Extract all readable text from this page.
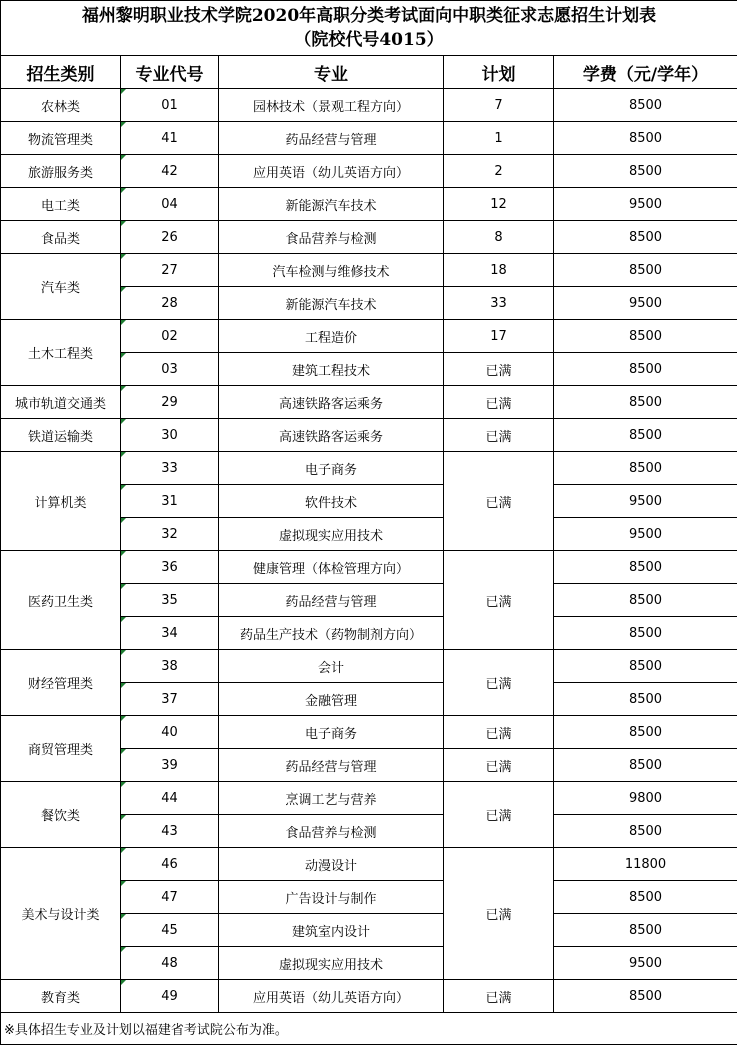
福州黎明职业技术学院2020年高职分类考试面向中职类征求志愿招生计划表
（院校代号4015）				

招生类别	专业代号	专业	计划	学费（元/学年）
农林类	01	园林技术（景观工程方向）	7	8500
物流管理类	41	药品经营与管理	1	8500
旅游服务类	42	应用英语（幼儿英语方向）	2	8500
电工类	04	新能源汽车技术	12	9500
食品类	26	食品营养与检测	8	8500
汽车类	27	汽车检测与维修技术	18	8500
	28	新能源汽车技术	33	9500
土木工程类	02	工程造价	17	8500
	03	建筑工程技术	已满	8500
城市轨道交通类	29	高速铁路客运乘务	已满	8500
铁道运输类	30	高速铁路客运乘务	已满	8500
计算机类	33	电子商务	已满	8500
	31	软件技术		9500
	32	虚拟现实应用技术		9500
医药卫生类	36	健康管理（体检管理方向）	已满	8500
	35	药品经营与管理		8500
	34	药品生产技术（药物制剂方向）		8500
财经管理类	38	会计	已满	8500
	37	金融管理		8500
商贸管理类	40	电子商务	已满	8500
	39	药品经营与管理	已满	8500
餐饮类	44	烹调工艺与营养	已满	9800
	43	食品营养与检测		8500
美术与设计类	46	动漫设计	已满	11800
	47	广告设计与制作		8500
	45	建筑室内设计		8500
	48	虚拟现实应用技术		9500
教育类	49	应用英语（幼儿英语方向）	已满	8500
※具体招生专业及计划以福建省考试院公布为准。				
